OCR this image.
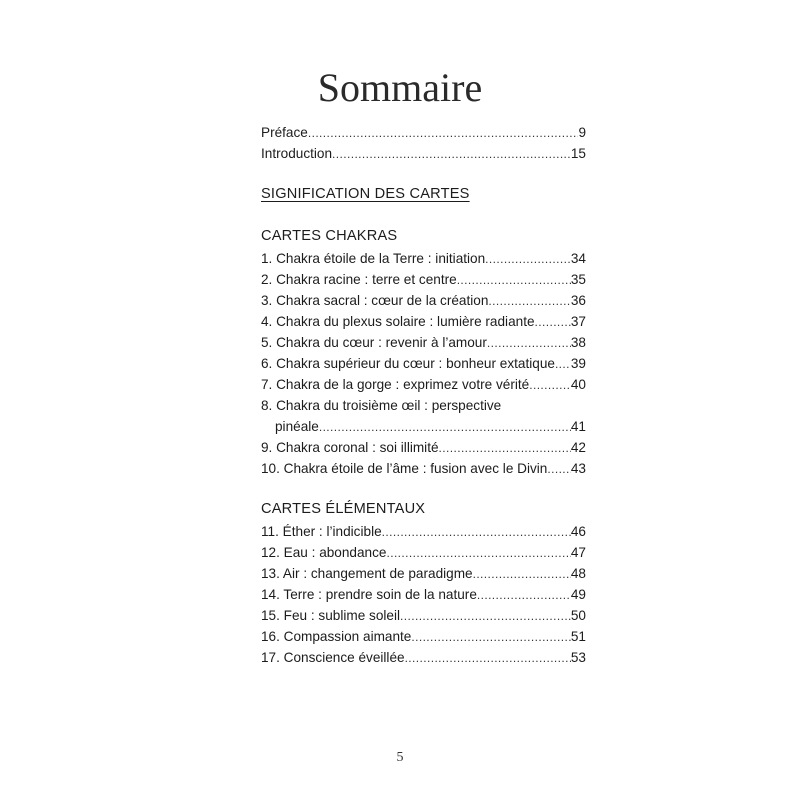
Sommaire
Préface .....	9
Introduction .....	15
SIGNIFICATION DES CARTES
CARTES CHAKRAS
1. Chakra étoile de la Terre : initiation .....	34
2. Chakra racine : terre et centre .....	35
3. Chakra sacral : cœur de la création .....	36
4. Chakra du plexus solaire : lumière radiante .....	37
5. Chakra du cœur : revenir à l’amour .....	38
6. Chakra supérieur du cœur : bonheur extatique ..... 39
7. Chakra de la gorge : exprimez votre vérité .....	40
8. Chakra du troisième œil : perspective
pinéale .....	41
9. Chakra coronal : soi illimité .....	42
10. Chakra étoile de l’âme : fusion avec le Divin ..... 43
CARTES ÉLÉMENTAUX
11. Éther : l’indicible .....	46
12. Eau : abondance .....	47
13. Air : changement de paradigme .....	48
14. Terre : prendre soin de la nature .....	49
15. Feu : sublime soleil .....	50
16. Compassion aimante .....	51
17. Conscience éveillée .....	53
5
